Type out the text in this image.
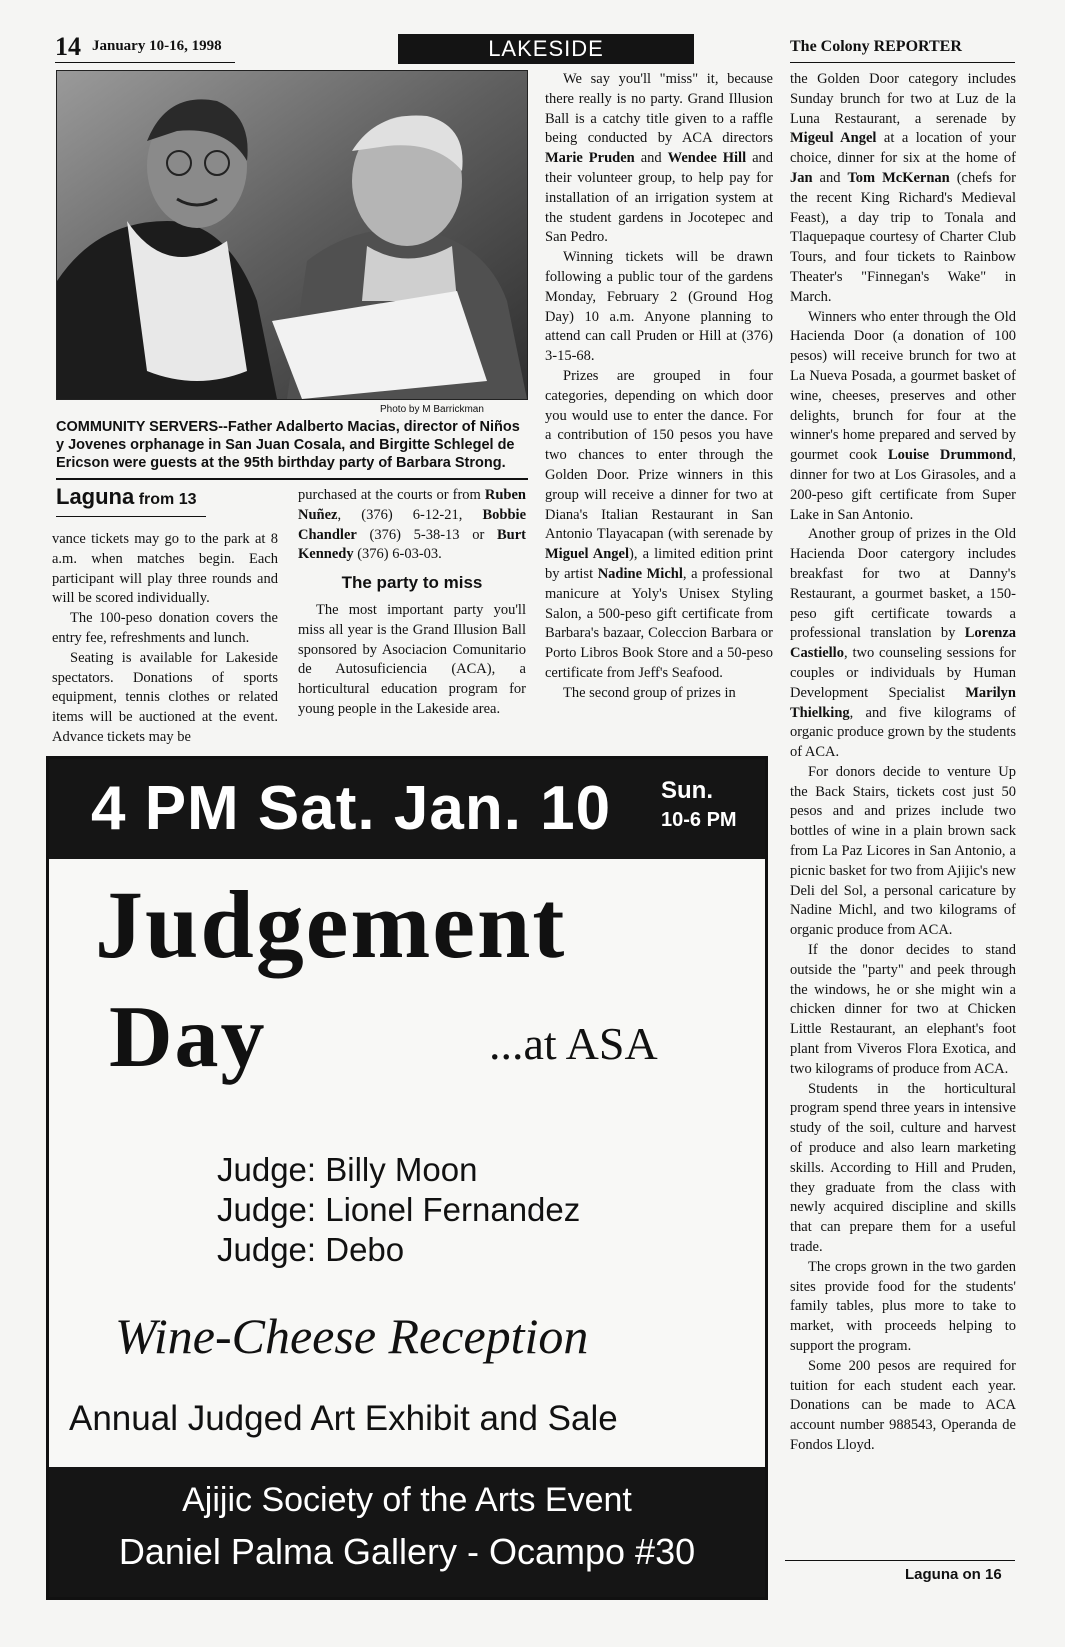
14 January 10-16, 1998	LAKESIDE	The Colony REPORTER
Photo by M Barrickman
COMMUNITY SERVERS--Father Adalberto Macias, director of Niños y Jovenes orphanage in San Juan Cosala, and Birgitte Schlegel de Ericson were guests at the 95th birthday party of Barbara Strong.
Laguna from 13

vance tickets may go to the park at 8 a.m. when matches begin. Each participant will play three rounds and will be scored individually.

The 100-peso donation covers the entry fee, refreshments and lunch.

Seating is available for Lakeside spectators. Donations of sports equipment, tennis clothes or related items will be auctioned at the event. Advance tickets may be

purchased at the courts or from Ruben Nuñez, (376) 6-12-21, Bobbie Chandler (376) 5-38-13 or Burt Kennedy (376) 6-03-03.

The party to miss

The most important party you'll miss all year is the Grand Illusion Ball sponsored by Asociacion Comunitario de Autosuficiencia (ACA), a horticultural education program for young people in the Lakeside area.

We say you'll "miss" it, because there really is no party. Grand Illusion Ball is a catchy title given to a raffle being conducted by ACA directors Marie Pruden and Wendee Hill and their volunteer group, to help pay for installation of an irrigation system at the student gardens in Jocotepec and San Pedro.

Winning tickets will be drawn following a public tour of the gardens Monday, February 2 (Ground Hog Day) 10 a.m. Anyone planning to attend can call Pruden or Hill at (376) 3-15-68.

Prizes are grouped in four categories, depending on which door you would use to enter the dance. For a contribution of 150 pesos you have two chances to enter through the Golden Door. Prize winners in this group will receive a dinner for two at Diana's Italian Restaurant in San Antonio Tlayacapan (with serenade by Miguel Angel), a limited edition print by artist Nadine Michl, a professional manicure at Yoly's Unisex Styling Salon, a 500-peso gift certificate from Barbara's bazaar, Coleccion Barbara or Porto Libros Book Store and a 50-peso certificate from Jeff's Seafood.

The second group of prizes in

the Golden Door category includes Sunday brunch for two at Luz de la Luna Restaurant, a serenade by Migeul Angel at a location of your choice, dinner for six at the home of Jan and Tom McKernan (chefs for the recent King Richard's Medieval Feast), a day trip to Tonala and Tlaquepaque courtesy of Charter Club Tours, and four tickets to Rainbow Theater's "Finnegan's Wake" in March.

Winners who enter through the Old Hacienda Door (a donation of 100 pesos) will receive brunch for two at La Nueva Posada, a gourmet basket of wine, cheeses, preserves and other delights, brunch for four at the winner's home prepared and served by gourmet cook Louise Drummond, dinner for two at Los Girasoles, and a 200-peso gift certificate from Super Lake in San Antonio.

Another group of prizes in the Old Hacienda Door catergory includes breakfast for two at Danny's Restaurant, a gourmet basket, a 150-peso gift certificate towards a professional translation by Lorenza Castiello, two counseling sessions for couples or individuals by Human Development Specialist Marilyn Thielking, and five kilograms of organic produce grown by the students of ACA.

For donors decide to venture Up the Back Stairs, tickets cost just 50 pesos and and prizes include two bottles of wine in a plain brown sack from La Paz Licores in San Antonio, a picnic basket for two from Ajijic's new Deli del Sol, a personal caricature by Nadine Michl, and two kilograms of organic produce from ACA.

If the donor decides to stand outside the "party" and peek through the windows, he or she might win a chicken dinner for two at Chicken Little Restaurant, an elephant's foot plant from Viveros Flora Exotica, and two kilograms of produce from ACA.

Students in the horticultural program spend three years in intensive study of the soil, culture and harvest of produce and also learn marketing skills. According to Hill and Pruden, they graduate from the class with newly acquired discipline and skills that can prepare them for a useful trade.

The crops grown in the two garden sites provide food for the students' family tables, plus more to take to market, with proceeds helping to support the program.

Some 200 pesos are required for tuition for each student each year. Donations can be made to ACA account number 988543, Operanda de Fondos Lloyd.

Laguna on 16
4 PM Sat. Jan. 10 Sun.
10-6 PM
Judgement
Day	...at ASA
Judge: Billy Moon
Judge: Lionel Fernandez
Judge: Debo
Wine-Cheese Reception
Annual Judged Art Exhibit and Sale
Ajijic Society of the Arts Event
Daniel Palma Gallery - Ocampo #30
